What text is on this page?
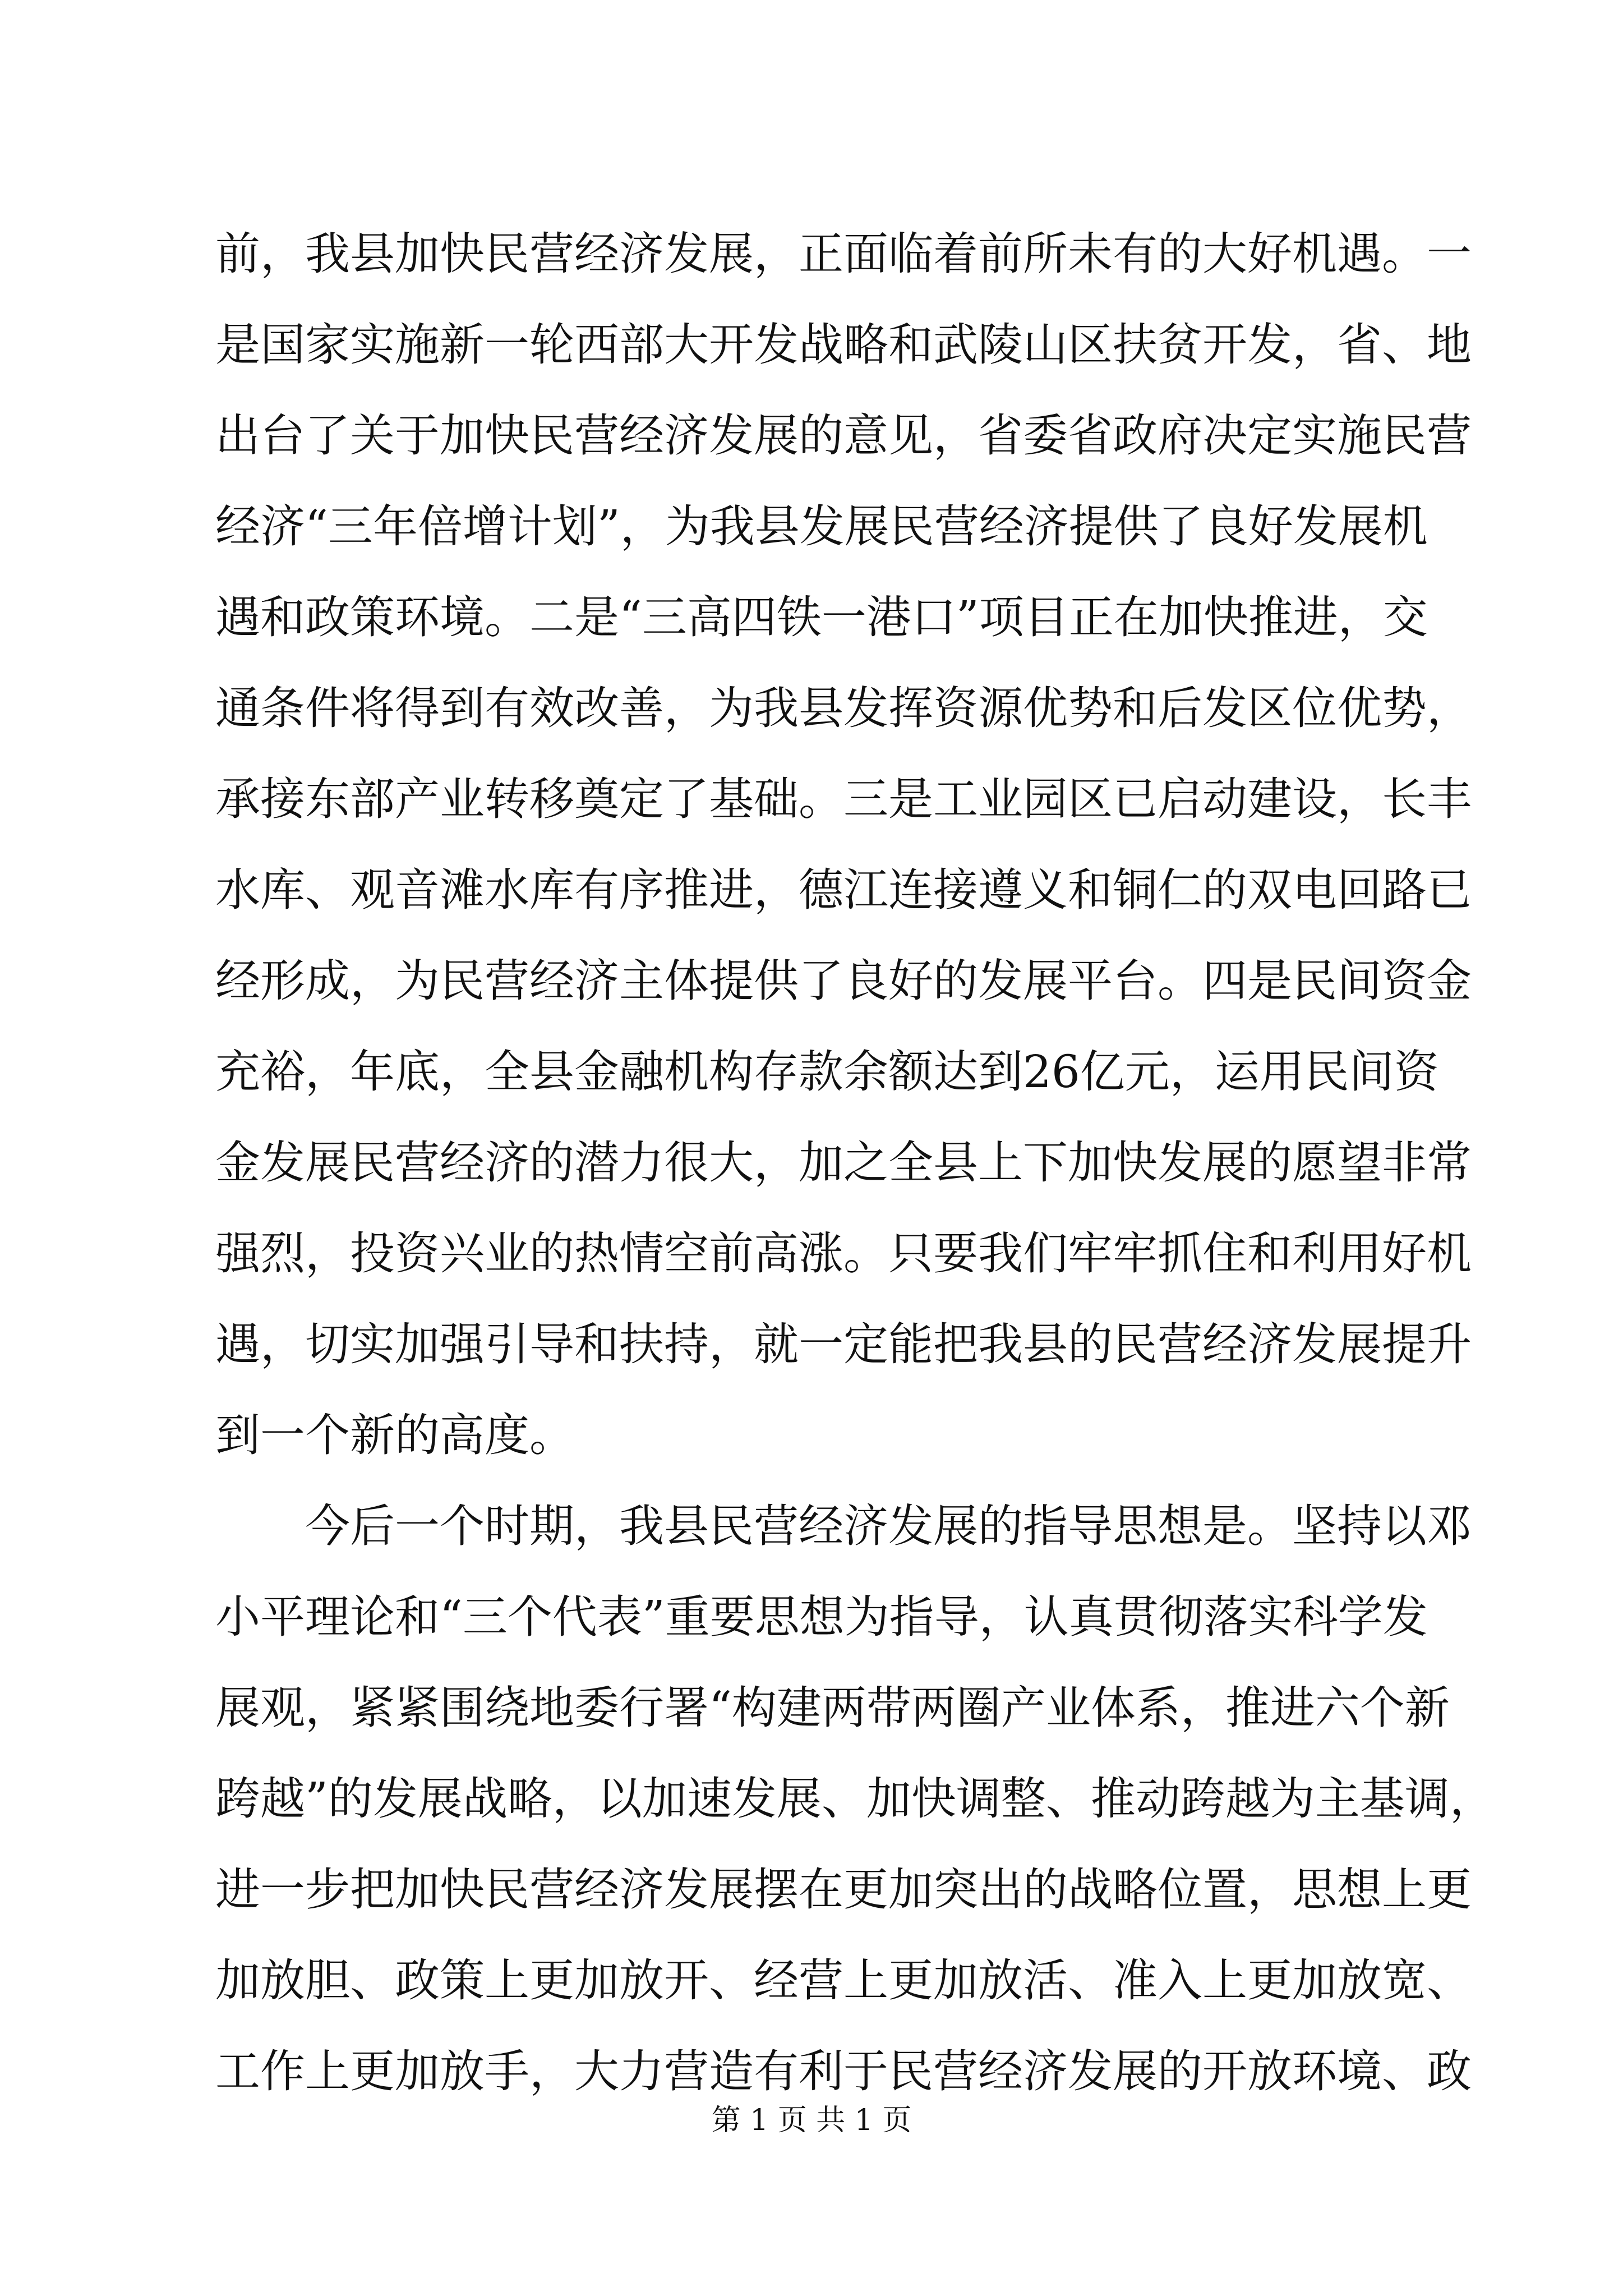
前，我县加快民营经济发展，正面临着前所未有的大好机遇。一
是国家实施新一轮西部大开发战略和武陵山区扶贫开发，省、地
出台了关于加快民营经济发展的意见，省委省政府决定实施民营
经济“三年倍增计划”，为我县发展民营经济提供了良好发展机
遇和政策环境。二是“三高四铁一港口”项目正在加快推进，交
通条件将得到有效改善，为我县发挥资源优势和后发区位优势，
承接东部产业转移奠定了基础。三是工业园区已启动建设，长丰
水库、观音滩水库有序推进，德江连接遵义和铜仁的双电回路已
经形成，为民营经济主体提供了良好的发展平台。四是民间资金
充裕，年底，全县金融机构存款余额达到26亿元，运用民间资
金发展民营经济的潜力很大，加之全县上下加快发展的愿望非常
强烈，投资兴业的热情空前高涨。只要我们牢牢抓住和利用好机
遇，切实加强引导和扶持，就一定能把我县的民营经济发展提升
到一个新的高度。
今后一个时期，我县民营经济发展的指导思想是。坚持以邓
小平理论和“三个代表”重要思想为指导，认真贯彻落实科学发
展观，紧紧围绕地委行署“构建两带两圈产业体系，推进六个新
跨越”的发展战略，以加速发展、加快调整、推动跨越为主基调，
进一步把加快民营经济发展摆在更加突出的战略位置，思想上更
加放胆、政策上更加放开、经营上更加放活、准入上更加放宽、
工作上更加放手，大力营造有利于民营经济发展的开放环境、政
第 1 页 共 1 页
